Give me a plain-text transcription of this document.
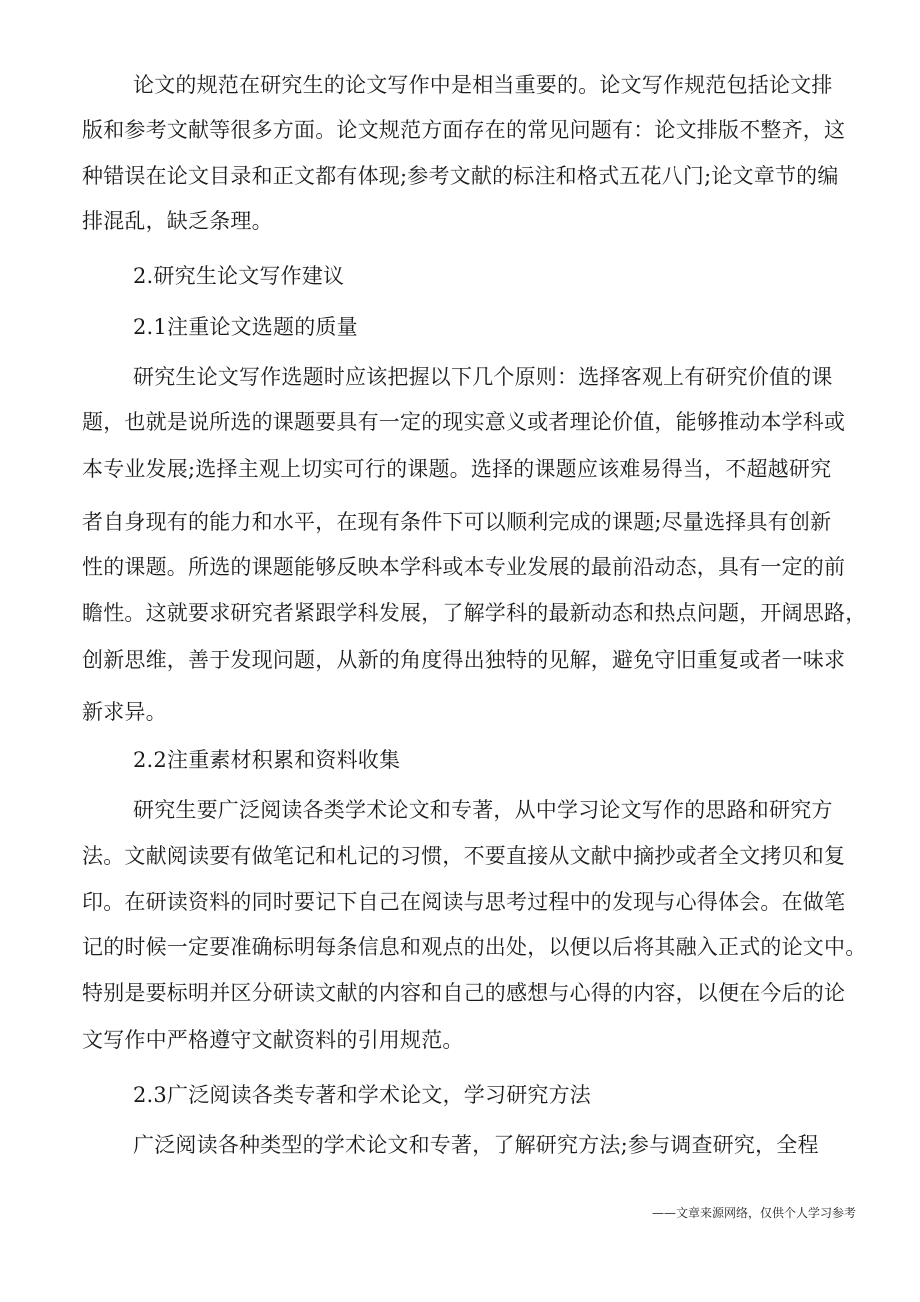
论文的规范在研究生的论文写作中是相当重要的。论文写作规范包括论文排
版和参考文献等很多方面。论文规范方面存在的常见问题有：论文排版不整齐，这
种错误在论文目录和正文都有体现;参考文献的标注和格式五花八门;论文章节的编
排混乱，缺乏条理。
2.研究生论文写作建议
2.1注重论文选题的质量
研究生论文写作选题时应该把握以下几个原则：选择客观上有研究价值的课
题，也就是说所选的课题要具有一定的现实意义或者理论价值，能够推动本学科或
本专业发展;选择主观上切实可行的课题。选择的课题应该难易得当，不超越研究
者自身现有的能力和水平，在现有条件下可以顺利完成的课题;尽量选择具有创新
性的课题。所选的课题能够反映本学科或本专业发展的最前沿动态，具有一定的前
瞻性。这就要求研究者紧跟学科发展，了解学科的最新动态和热点问题，开阔思路，
创新思维，善于发现问题，从新的角度得出独特的见解，避免守旧重复或者一味求
新求异。
2.2注重素材积累和资料收集
研究生要广泛阅读各类学术论文和专著，从中学习论文写作的思路和研究方
法。文献阅读要有做笔记和札记的习惯，不要直接从文献中摘抄或者全文拷贝和复
印。在研读资料的同时要记下自己在阅读与思考过程中的发现与心得体会。在做笔
记的时候一定要准确标明每条信息和观点的出处，以便以后将其融入正式的论文中。
特别是要标明并区分研读文献的内容和自己的感想与心得的内容，以便在今后的论
文写作中严格遵守文献资料的引用规范。
2.3广泛阅读各类专著和学术论文，学习研究方法
广泛阅读各种类型的学术论文和专著，了解研究方法;参与调查研究，全程
——文章来源网络，仅供个人学习参考
